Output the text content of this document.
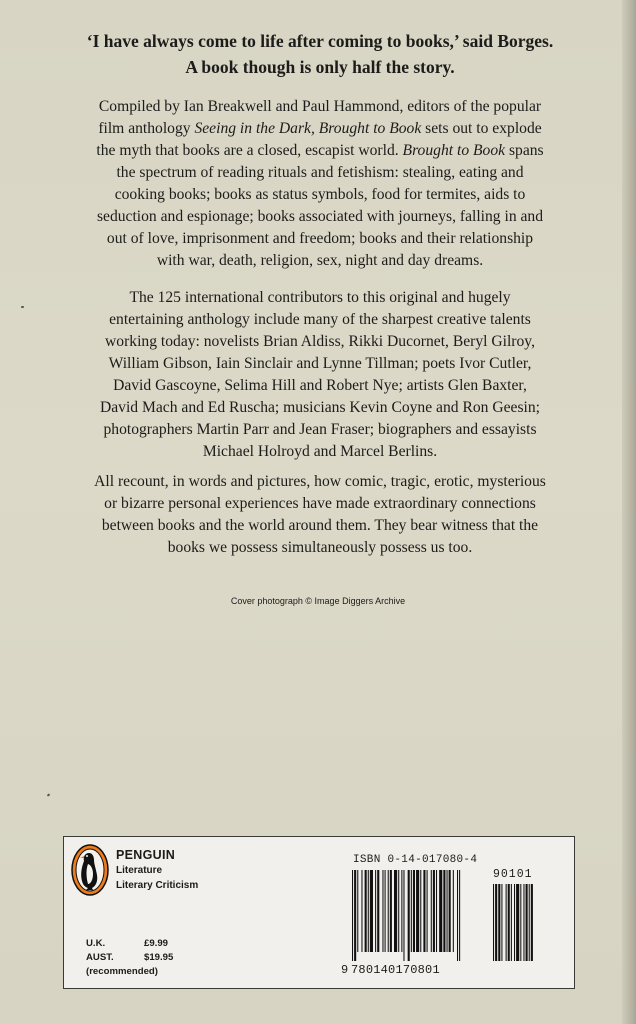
‘I have always come to life after coming to books,’ said Borges.
A book though is only half the story.
Compiled by Ian Breakwell and Paul Hammond, editors of the popular
film anthology Seeing in the Dark, Brought to Book sets out to explode
the myth that books are a closed, escapist world. Brought to Book spans
the spectrum of reading rituals and fetishism: stealing, eating and
cooking books; books as status symbols, food for termites, aids to
seduction and espionage; books associated with journeys, falling in and
out of love, imprisonment and freedom; books and their relationship
with war, death, religion, sex, night and day dreams.
The 125 international contributors to this original and hugely
entertaining anthology include many of the sharpest creative talents
working today: novelists Brian Aldiss, Rikki Ducornet, Beryl Gilroy,
William Gibson, Iain Sinclair and Lynne Tillman; poets Ivor Cutler,
David Gascoyne, Selima Hill and Robert Nye; artists Glen Baxter,
David Mach and Ed Ruscha; musicians Kevin Coyne and Ron Geesin;
photographers Martin Parr and Jean Fraser; biographers and essayists
Michael Holroyd and Marcel Berlins.
All recount, in words and pictures, how comic, tragic, erotic, mysterious
or bizarre personal experiences have made extraordinary connections
between books and the world around them. They bear witness that the
books we possess simultaneously possess us too.
Cover photograph © Image Diggers Archive
PENGUIN
Literature
Literary Criticism
U.K.	£9.99
AUST.	$19.95
(recommended)
ISBN 0-14-017080-4
90101
9  780140170801
